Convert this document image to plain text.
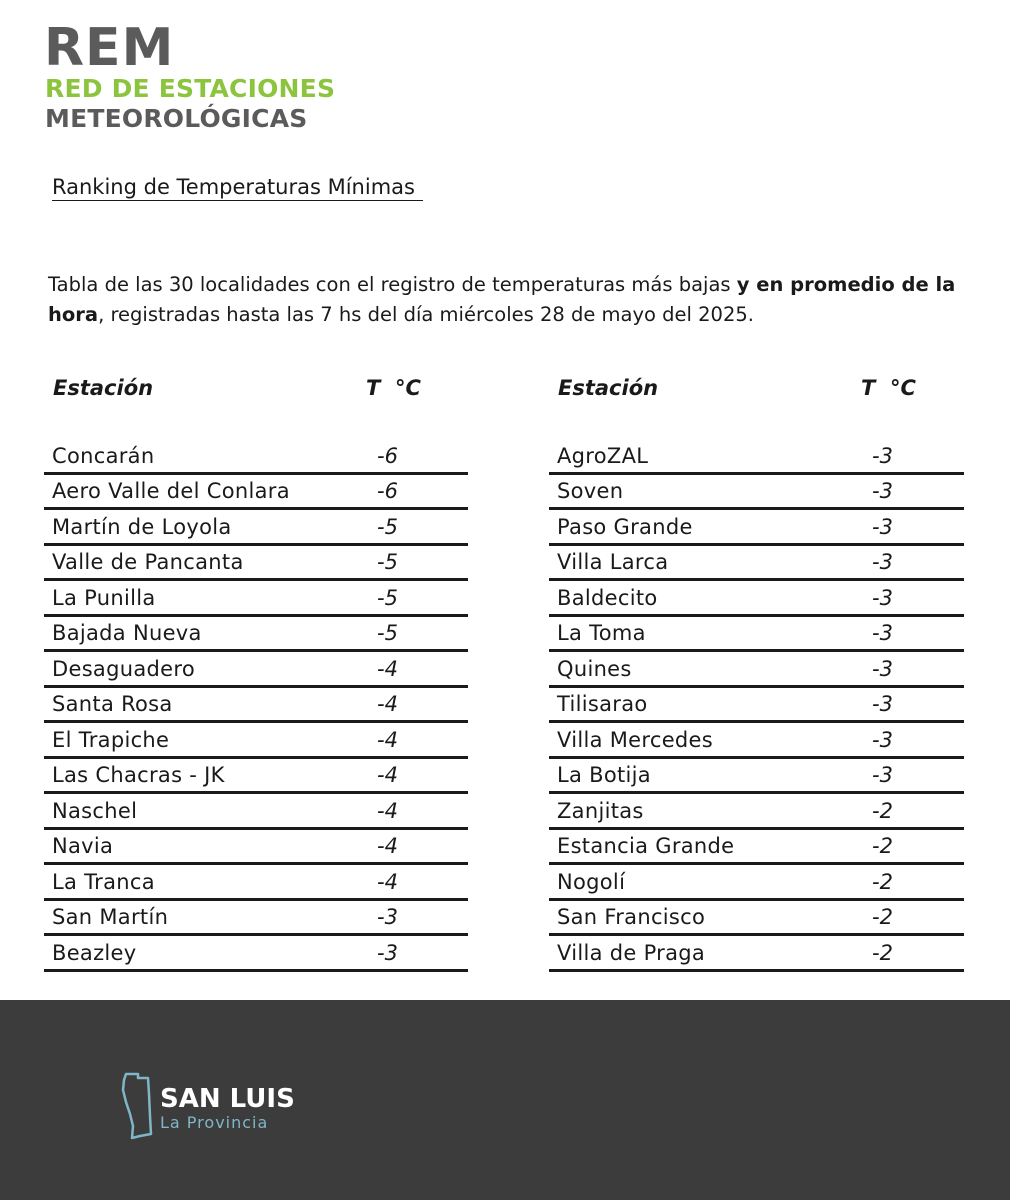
REM
RED DE ESTACIONES
METEOROLÓGICAS
Ranking de Temperaturas Mínimas

Tabla de las 30 localidades con el registro de temperaturas más bajas y en promedio de la hora, registradas hasta las 7 hs del día miércoles 28 de mayo del 2025.

Estación	T  °C
Concarán	-6
Aero Valle del Conlara	-6
Martín de Loyola	-5
Valle de Pancanta	-5
La Punilla	-5
Bajada Nueva	-5
Desaguadero	-4
Santa Rosa	-4
El Trapiche	-4
Las Chacras - JK	-4
Naschel	-4
Navia	-4
La Tranca	-4
San Martín	-3
Beazley	-3
Estación	T  °C
AgroZAL	-3
Soven	-3
Paso Grande	-3
Villa Larca	-3
Baldecito	-3
La Toma	-3
Quines	-3
Tilisarao	-3
Villa Mercedes	-3
La Botija	-3
Zanjitas	-2
Estancia Grande	-2
Nogolí	-2
San Francisco	-2
Villa de Praga	-2
SAN LUIS
La Provincia
